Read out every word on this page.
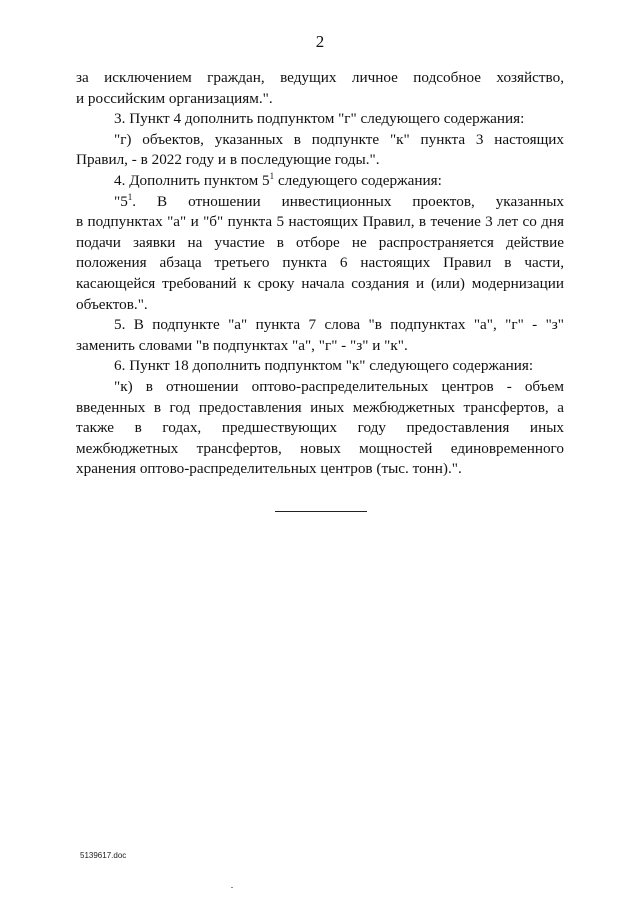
2

за исключением граждан, ведущих личное подсобное хозяйство,
и российским организациям.".

3. Пункт 4 дополнить подпунктом "г" следующего содержания:

"г) объектов, указанных в подпункте "к" пункта 3 настоящих

Правил, - в 2022 году и в последующие годы.".

4. Дополнить пунктом $5^1$ следующего содержания:

"$5^1$. В отношении инвестиционных проектов, указанных

в подпунктах "а" и "б" пункта 5 настоящих Правил, в течение 3 лет со дня
подачи заявки на участие в отборе не распространяется действие
положения абзаца третьего пункта 6 настоящих Правил в части,
касающейся требований к сроку начала создания и (или) модернизации
объектов.".

5. В подпункте "а" пункта 7 слова "в подпунктах "а", "г" - "з"

заменить словами "в подпунктах "а", "г" - "з" и "к".

6. Пункт 18 дополнить подпунктом "к" следующего содержания:

"к) в отношении оптово-распределительных центров - объем

введенных в год предоставления иных межбюджетных трансфертов, а
также в годах, предшествующих году предоставления иных
межбюджетных трансфертов, новых мощностей единовременного
хранения оптово-распределительных центров (тыс. тонн).".

5139617.doc
